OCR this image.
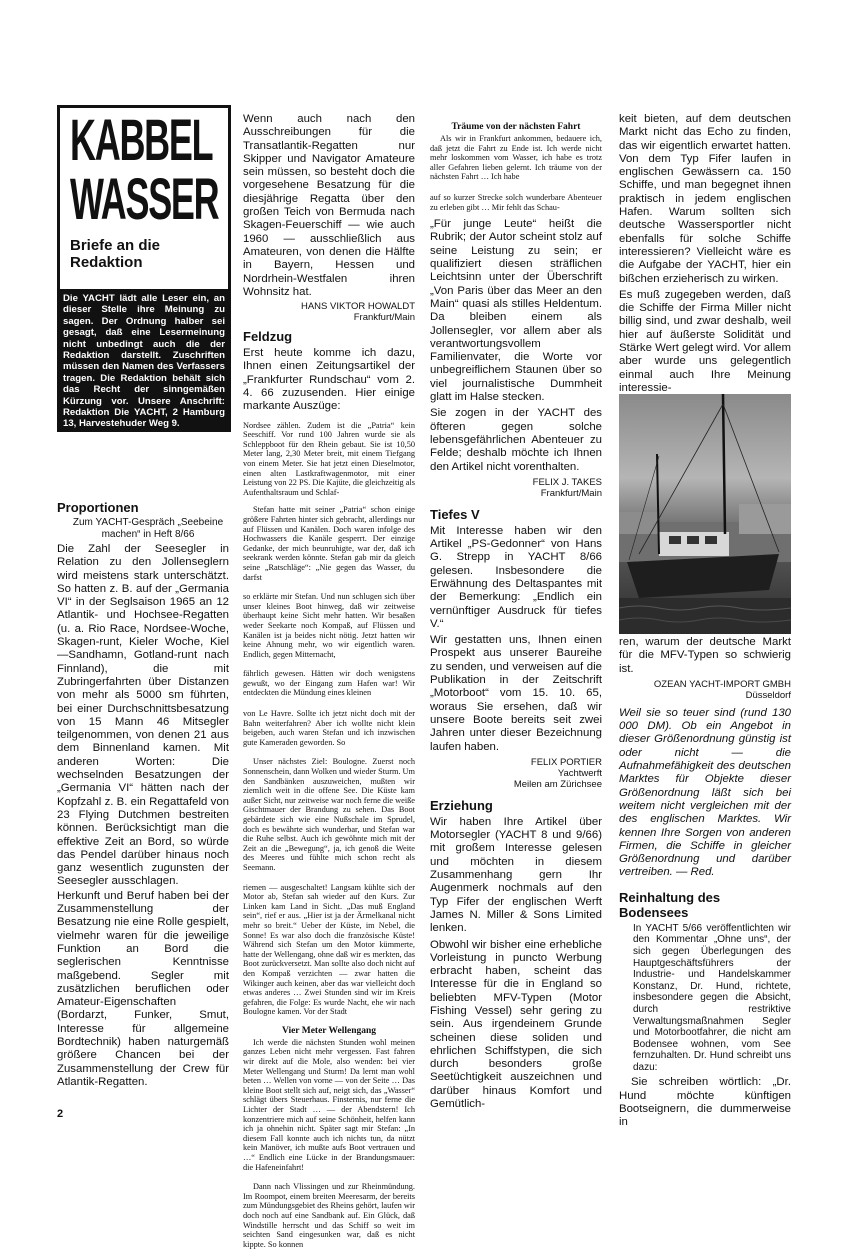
KABBEL
WASSER
Briefe an die Redaktion

Die YACHT lädt alle Leser ein, an dieser Stelle ihre Meinung zu sagen. Der Ordnung halber sei gesagt, daß eine Lesermeinung nicht unbedingt auch die der Redaktion darstellt. Zuschriften müssen den Namen des Verfassers tragen. Die Redaktion behält sich das Recht der sinngemäßen Kürzung vor. Unsere Anschrift: Redaktion Die YACHT, 2 Hamburg 13, Harvestehuder Weg 9.

Proportionen

Zum YACHT-Gespräch „Seebeine machen“ in Heft 8/66

Die Zahl der Seesegler in Relation zu den Jollenseglern wird meistens stark unterschätzt. So hatten z. B. auf der „Germania VI“ in der Seglsaison 1965 an 12 Atlantik- und Hochsee-Regatten (u. a. Rio Race, Nordsee-Woche, Skagen-runt, Kieler Woche, Kiel—Sandhamn, Gotland-runt nach Finnland), die mit Zubringerfahrten über Distanzen von mehr als 5000 sm führten, bei einer Durchschnittsbesatzung von 15 Mann 46 Mitsegler teilgenommen, von denen 21 aus dem Binnenland kamen. Mit anderen Worten: Die wechselnden Besatzungen der „Germania VI“ hätten nach der Kopfzahl z. B. ein Regattafeld von 23 Flying Dutchmen bestreiten können. Berücksichtigt man die effektive Zeit an Bord, so würde das Pendel darüber hinaus noch ganz wesentlich zugunsten der Seesegler ausschlagen.

Herkunft und Beruf haben bei der Zusammenstellung der Besatzung nie eine Rolle gespielt, vielmehr waren für die jeweilige Funktion an Bord die seglerischen Kenntnisse maßgebend. Segler mit zusätzlichen beruflichen oder Amateur-Eigenschaften (Bordarzt, Funker, Smut, Interesse für allgemeine Bordtechnik) haben naturgemäß größere Chancen bei der Zusammenstellung der Crew für Atlantik-Regatten.

2

Wenn auch nach den Ausschreibungen für die Transatlantik-Regatten nur Skipper und Navigator Amateure sein müssen, so besteht doch die vorgesehene Besatzung für die diesjährige Regatta über den großen Teich von Bermuda nach Skagen-Feuerschiff — wie auch 1960 — ausschließlich aus Amateuren, von denen die Hälfte in Bayern, Hessen und Nordrhein-Westfalen ihren Wohnsitz hat.

HANS VIKTOR HOWALDT
Frankfurt/Main
Feldzug

Erst heute komme ich dazu, Ihnen einen Zeitungsartikel der „Frankfurter Rundschau“ vom 2. 4. 66 zuzusenden. Hier einige markante Auszüge:

Nordsee zählen. Zudem ist die „Patria“ kein Seeschiff. Vor rund 100 Jahren wurde sie als Schleppboot für den Rhein gebaut. Sie ist 10,50 Meter lang, 2,30 Meter breit, mit einem Tiefgang von einem Meter. Sie hat jetzt einen Dieselmotor, einen alten Lastkraftwagenmotor, mit einer Leistung von 22 PS. Die Kajüte, die gleichzeitig als Aufenthaltsraum und Schlaf-

Stefan hatte mit seiner „Patria“ schon einige größere Fahrten hinter sich gebracht, allerdings nur auf Flüssen und Kanälen. Doch waren infolge des Hochwassers die Kanäle gesperrt. Der einzige Gedanke, der mich beunruhigte, war der, daß ich seekrank werden könnte. Stefan gab mir da gleich seine „Ratschläge“: „Nie gegen das Wasser, du darfst

so erklärte mir Stefan. Und nun schlugen sich über unser kleines Boot hinweg, daß wir zeitweise überhaupt keine Sicht mehr hatten. Wir besaßen weder Seekarte noch Kompaß, auf Flüssen und Kanälen ist ja beides nicht nötig. Jetzt hatten wir keine Ahnung mehr, wo wir eigentlich waren. Endlich, gegen Mitternacht,

fährlich gewesen. Hätten wir doch wenigstens gewußt, wo der Eingang zum Hafen war! Wir entdeckten die Mündung eines kleinen

von Le Havre. Sollte ich jetzt nicht doch mit der Bahn weiterfahren? Aber ich wollte nicht klein beigeben, auch waren Stefan und ich inzwischen gute Kameraden geworden. So

Unser nächstes Ziel: Boulogne. Zuerst noch Sonnenschein, dann Wolken und wieder Sturm. Um den Sandbänken auszuweichen, mußten wir ziemlich weit in die offene See. Die Küste kam außer Sicht, nur zeitweise war noch ferne die weiße Gischtmauer der Brandung zu sehen. Das Boot gebärdete sich wie eine Nußschale im Sprudel, doch es bewährte sich wunderbar, und Stefan war die Ruhe selbst. Auch ich gewöhnte mich mit der Zeit an die „Bewegung“, ja, ich genoß die Weite des Meeres und fühlte mich schon recht als Seemann.

riemen — ausgeschaltet! Langsam kühlte sich der Motor ab, Stefan sah wieder auf den Kurs. Zur Linken kam Land in Sicht. „Das muß England sein“, rief er aus. „Hier ist ja der Ärmelkanal nicht mehr so breit.“ Ueber der Küste, im Nebel, die Sonne! Es war also doch die französische Küste! Während sich Stefan um den Motor kümmerte, hatte der Wellengang, ohne daß wir es merkten, das Boot zurückversetzt. Man sollte also doch nicht auf den Kompaß verzichten — zwar hatten die Wikinger auch keinen, aber das war vielleicht doch etwas anderes … Zwei Stunden sind wir im Kreis gefahren, die Folge: Es wurde Nacht, ehe wir nach Boulogne kamen. Vor der Stadt

Vier Meter Wellengang

Ich werde die nächsten Stunden wohl meinen ganzes Leben nicht mehr vergessen. Fast fahren wir direkt auf die Mole, also wenden: bei vier Meter Wellengang und Sturm! Da lernt man wohl beten … Wellen von vorne — von der Seite … Das kleine Boot stellt sich auf, neigt sich, das „Wasser“ schlägt übers Steuerhaus. Finsternis, nur ferne die Lichter der Stadt … — der Abendstern! Ich konzentriere mich auf seine Schönheit, helfen kann ich ja ohnehin nicht. Später sagt mir Stefan: „In diesem Fall konnte auch ich nichts tun, da nützt kein Manöver, ich mußte aufs Boot vertrauen und …“ Endlich eine Lücke in der Brandungsmauer: die Hafeneinfahrt!

Dann nach Vlissingen und zur Rheinmündung. Im Roompot, einem breiten Meeresarm, der bereits zum Mündungsgebiet des Rheins gehört, laufen wir doch noch auf eine Sandbank auf. Ein Glück, daß Windstille herrscht und das Schiff so weit im seichten Sand eingesunken war, daß es nicht kippte. So konnen

Träume von der nächsten Fahrt

Als wir in Frankfurt ankommen, bedauere ich, daß jetzt die Fahrt zu Ende ist. Ich werde nicht mehr loskommen vom Wasser, ich habe es trotz aller Gefahren lieben gelernt. Ich träume von der nächsten Fahrt … Ich habe

auf so kurzer Strecke solch wunderbare Abenteuer zu erleben gibt … Mir fehlt das Schau-

„Für junge Leute“ heißt die Rubrik; der Autor scheint stolz auf seine Leistung zu sein; er qualifiziert diesen sträflichen Leichtsinn unter der Überschrift „Von Paris über das Meer an den Main“ quasi als stilles Heldentum. Da bleiben einem als Jollensegler, vor allem aber als verantwortungsvollem Familienvater, die Worte vor unbegreiflichem Staunen über so viel journalistische Dummheit glatt im Halse stecken.

Sie zogen in der YACHT des öfteren gegen solche lebensgefährlichen Abenteuer zu Felde; deshalb möchte ich Ihnen den Artikel nicht vorenthalten.

FELIX J. TAKES
Frankfurt/Main
Tiefes V

Mit Interesse haben wir den Artikel „PS-Gedonner“ von Hans G. Strepp in YACHT 8/66 gelesen. Insbesondere die Erwähnung des Deltaspantes mit der Bemerkung: „Endlich ein vernünftiger Ausdruck für tiefes V.“

Wir gestatten uns, Ihnen einen Prospekt aus unserer Baureihe zu senden, und verweisen auf die Publikation in der Zeitschrift „Motorboot“ vom 15. 10. 65, woraus Sie ersehen, daß wir unsere Boote bereits seit zwei Jahren unter dieser Bezeichnung laufen haben.

FELIX PORTIER
Yachtwerft
Meilen am Zürichsee
Erziehung

Wir haben Ihre Artikel über Motorsegler (YACHT 8 und 9/66) mit großem Interesse gelesen und möchten in diesem Zusammenhang gern Ihr Augenmerk nochmals auf den Typ Fifer der englischen Werft James N. Miller & Sons Limited lenken.

Obwohl wir bisher eine erhebliche Vorleistung in puncto Werbung erbracht haben, scheint das Interesse für die in England so beliebten MFV-Typen (Motor Fishing Vessel) sehr gering zu sein. Aus irgendeinem Grunde scheinen diese soliden und ehrlichen Schiffstypen, die sich durch besonders große Seetüchtigkeit auszeichnen und darüber hinaus Komfort und Gemütlich-

keit bieten, auf dem deutschen Markt nicht das Echo zu finden, das wir eigentlich erwartet hatten. Von dem Typ Fifer laufen in englischen Gewässern ca. 150 Schiffe, und man begegnet ihnen praktisch in jedem englischen Hafen. Warum sollten sich deutsche Wassersportler nicht ebenfalls für solche Schiffe interessieren? Vielleicht wäre es die Aufgabe der YACHT, hier ein bißchen erzieherisch zu wirken.

Es muß zugegeben werden, daß die Schiffe der Firma Miller nicht billig sind, und zwar deshalb, weil hier auf äußerste Solidität und Stärke Wert gelegt wird. Vor allem aber wurde uns gelegentlich einmal auch Ihre Meinung interessie-

ren, warum der deutsche Markt für die MFV-Typen so schwierig ist.

OZEAN YACHT-IMPORT GMBH
Düsseldorf

Weil sie so teuer sind (rund 130 000 DM). Ob ein Angebot in dieser Größenordnung günstig ist oder nicht — die Aufnahmefähigkeit des deutschen Marktes für Objekte dieser Größenordnung läßt sich bei weitem nicht vergleichen mit der des englischen Marktes. Wir kennen Ihre Sorgen von anderen Firmen, die Schiffe in gleicher Größenordnung und darüber vertreiben. — Red.

Reinhaltung des Bodensees

In YACHT 5/66 veröffentlichten wir den Kommentar „Ohne uns“, der sich gegen Überlegungen des Hauptgeschäftsführers der Industrie- und Handelskammer Konstanz, Dr. Hund, richtete, insbesondere gegen die Absicht, durch restriktive Verwaltungsmaßnahmen Segler und Motorbootfahrer, die nicht am Bodensee wohnen, vom See fernzuhalten. Dr. Hund schreibt uns dazu:

Sie schreiben wörtlich: „Dr. Hund möchte künftigen Bootseignern, die dummerweise in
